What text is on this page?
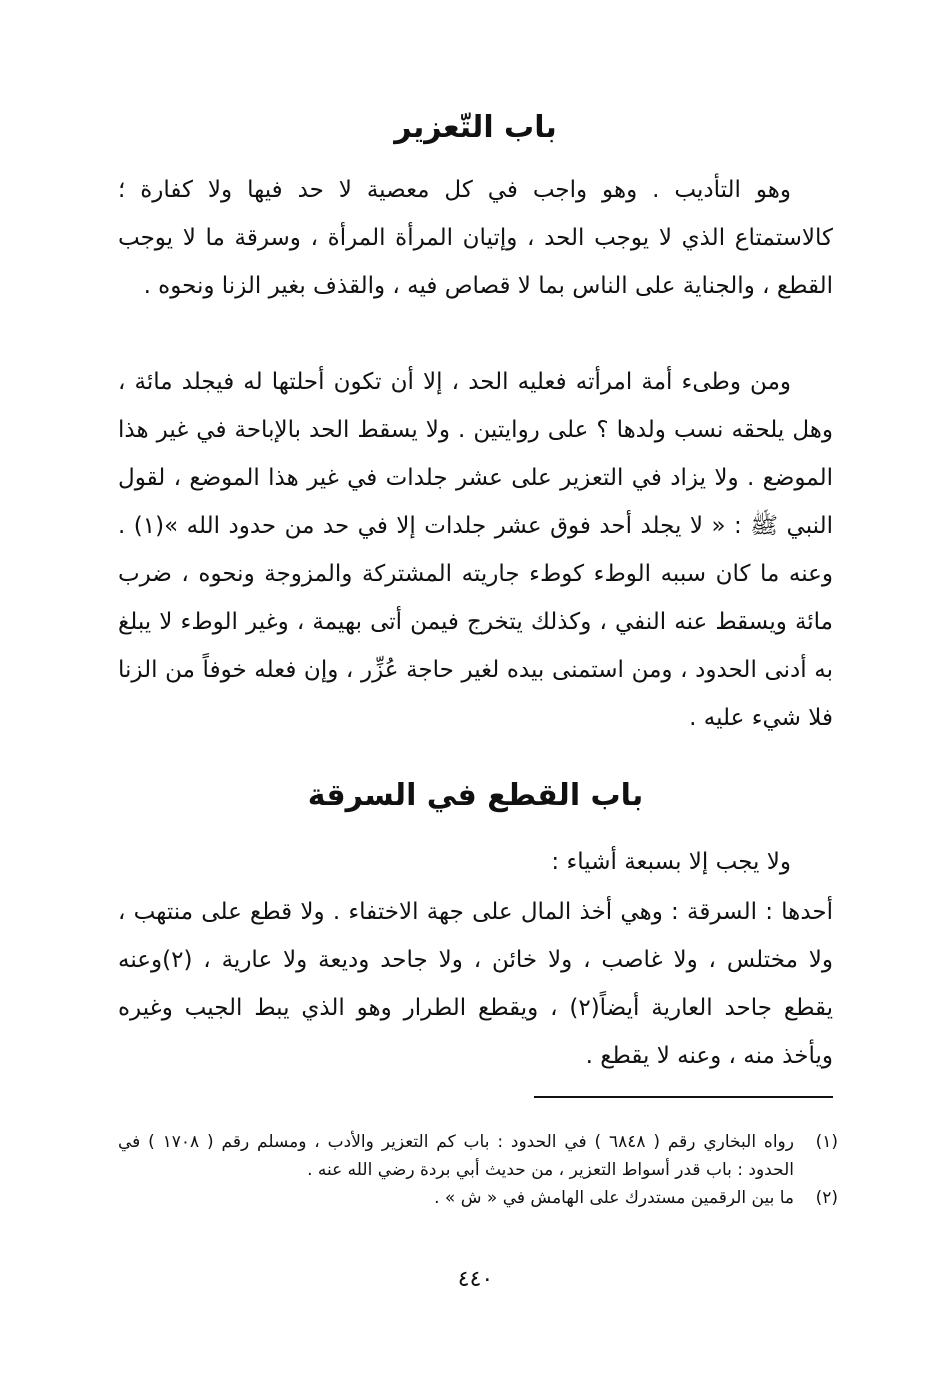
باب التّعزير

وهو التأديب . وهو واجب في كل معصية لا حد فيها ولا كفارة ؛ كالاستمتاع الذي لا يوجب الحد ، وإتيان المرأة المرأة ، وسرقة ما لا يوجب القطع ، والجناية على الناس بما لا قصاص فيه ، والقذف بغير الزنا ونحوه .

ومن وطىء أمة امرأته فعليه الحد ، إلا أن تكون أحلتها له فيجلد مائة ، وهل يلحقه نسب ولدها ؟ على روايتين . ولا يسقط الحد بالإباحة في غير هذا الموضع . ولا يزاد في التعزير على عشر جلدات في غير هذا الموضع ، لقول النبي ﷺ : « لا يجلد أحد فوق عشر جلدات إلا في حد من حدود الله »(١) . وعنه ما كان سببه الوطء كوطء جاريته المشتركة والمزوجة ونحوه ، ضرب مائة ويسقط عنه النفي ، وكذلك يتخرج فيمن أتى بهيمة ، وغير الوطء لا يبلغ به أدنى الحدود ، ومن استمنى بيده لغير حاجة عُزِّر ، وإن فعله خوفاً من الزنا فلا شيء عليه .

باب القطع في السرقة

ولا يجب إلا بسبعة أشياء :

أحدها : السرقة : وهي أخذ المال على جهة الاختفاء . ولا قطع على منتهب ، ولا مختلس ، ولا غاصب ، ولا خائن ، ولا جاحد وديعة ولا عارية ، (٢)وعنه يقطع جاحد العارية أيضاً(٢) ، ويقطع الطرار وهو الذي يبط الجيب وغيره ويأخذ منه ، وعنه لا يقطع .

(١)
رواه البخاري رقم ( ٦٨٤٨ ) في الحدود : باب كم التعزير والأدب ، ومسلم رقم ( ١٧٠٨ ) في الحدود : باب قدر أسواط التعزير ، من حديث أبي بردة رضي الله عنه .
(٢)
ما بين الرقمين مستدرك على الهامش في « ش » .
٤٤٠
